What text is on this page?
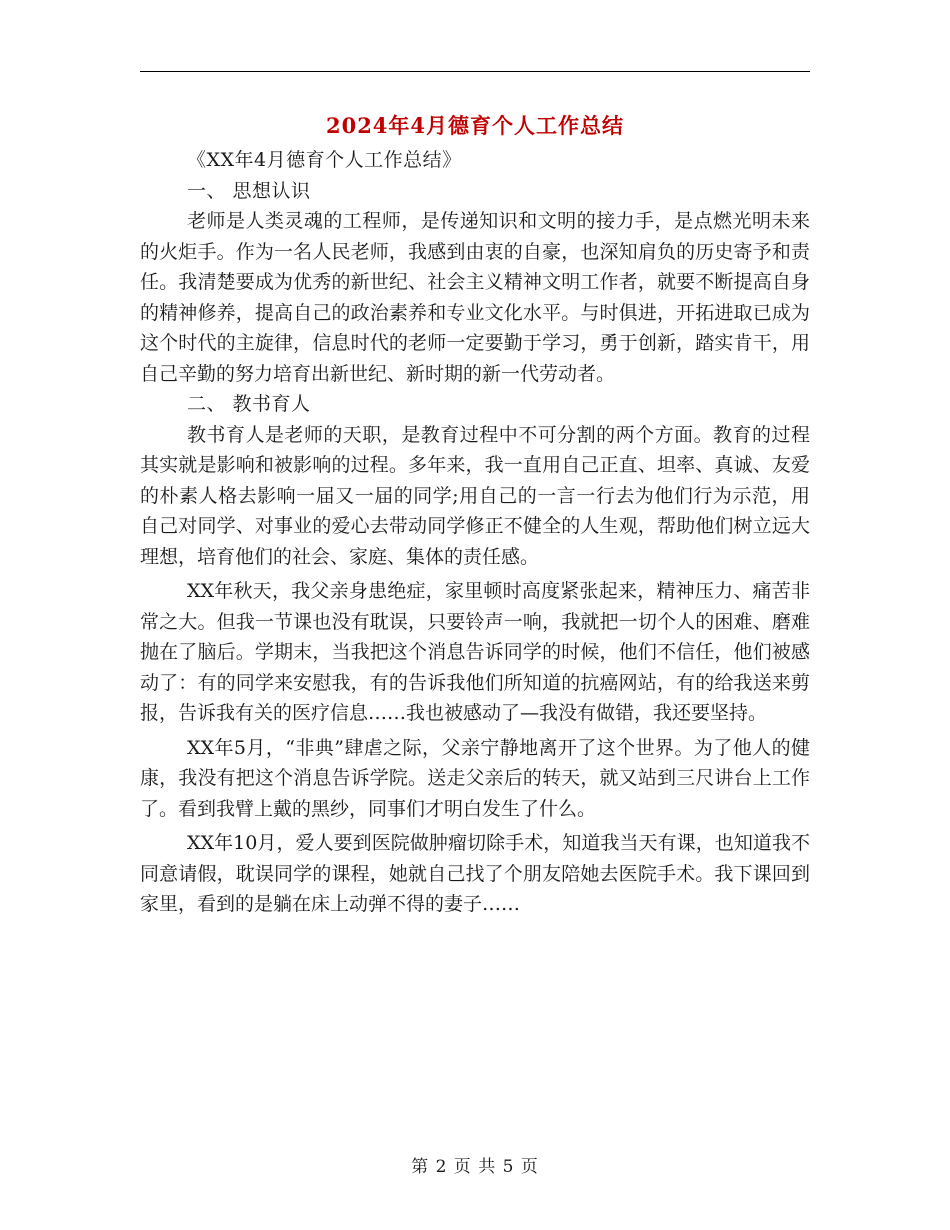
2024年4月德育个人工作总结

《XX年4月德育个人工作总结》

一、 思想认识

老师是人类灵魂的工程师，是传递知识和文明的接力手，是点燃光明未来的火炬手。作为一名人民老师，我感到由衷的自豪，也深知肩负的历史寄予和责任。我清楚要成为优秀的新世纪、社会主义精神文明工作者，就要不断提高自身的精神修养，提高自己的政治素养和专业文化水平。与时俱进，开拓进取已成为这个时代的主旋律，信息时代的老师一定要勤于学习，勇于创新，踏实肯干，用自己辛勤的努力培育出新世纪、新时期的新一代劳动者。

二、 教书育人

教书育人是老师的天职，是教育过程中不可分割的两个方面。教育的过程其实就是影响和被影响的过程。多年来，我一直用自己正直、坦率、真诚、友爱的朴素人格去影响一届又一届的同学;用自己的一言一行去为他们行为示范，用自己对同学、对事业的爱心去带动同学修正不健全的人生观，帮助他们树立远大理想，培育他们的社会、家庭、集体的责任感。

XX年秋天，我父亲身患绝症，家里顿时高度紧张起来，精神压力、痛苦非常之大。但我一节课也没有耽误，只要铃声一响，我就把一切个人的困难、磨难抛在了脑后。学期末，当我把这个消息告诉同学的时候，他们不信任，他们被感动了：有的同学来安慰我，有的告诉我他们所知道的抗癌网站，有的给我送来剪报，告诉我有关的医疗信息……我也被感动了—我没有做错，我还要坚持。

XX年5月，“非典”肆虐之际，父亲宁静地离开了这个世界。为了他人的健康，我没有把这个消息告诉学院。送走父亲后的转天，就又站到三尺讲台上工作了。看到我臂上戴的黑纱，同事们才明白发生了什么。

XX年10月，爱人要到医院做肿瘤切除手术，知道我当天有课，也知道我不同意请假，耽误同学的课程，她就自己找了个朋友陪她去医院手术。我下课回到家里，看到的是躺在床上动弹不得的妻子……

第 2 页 共 5 页
